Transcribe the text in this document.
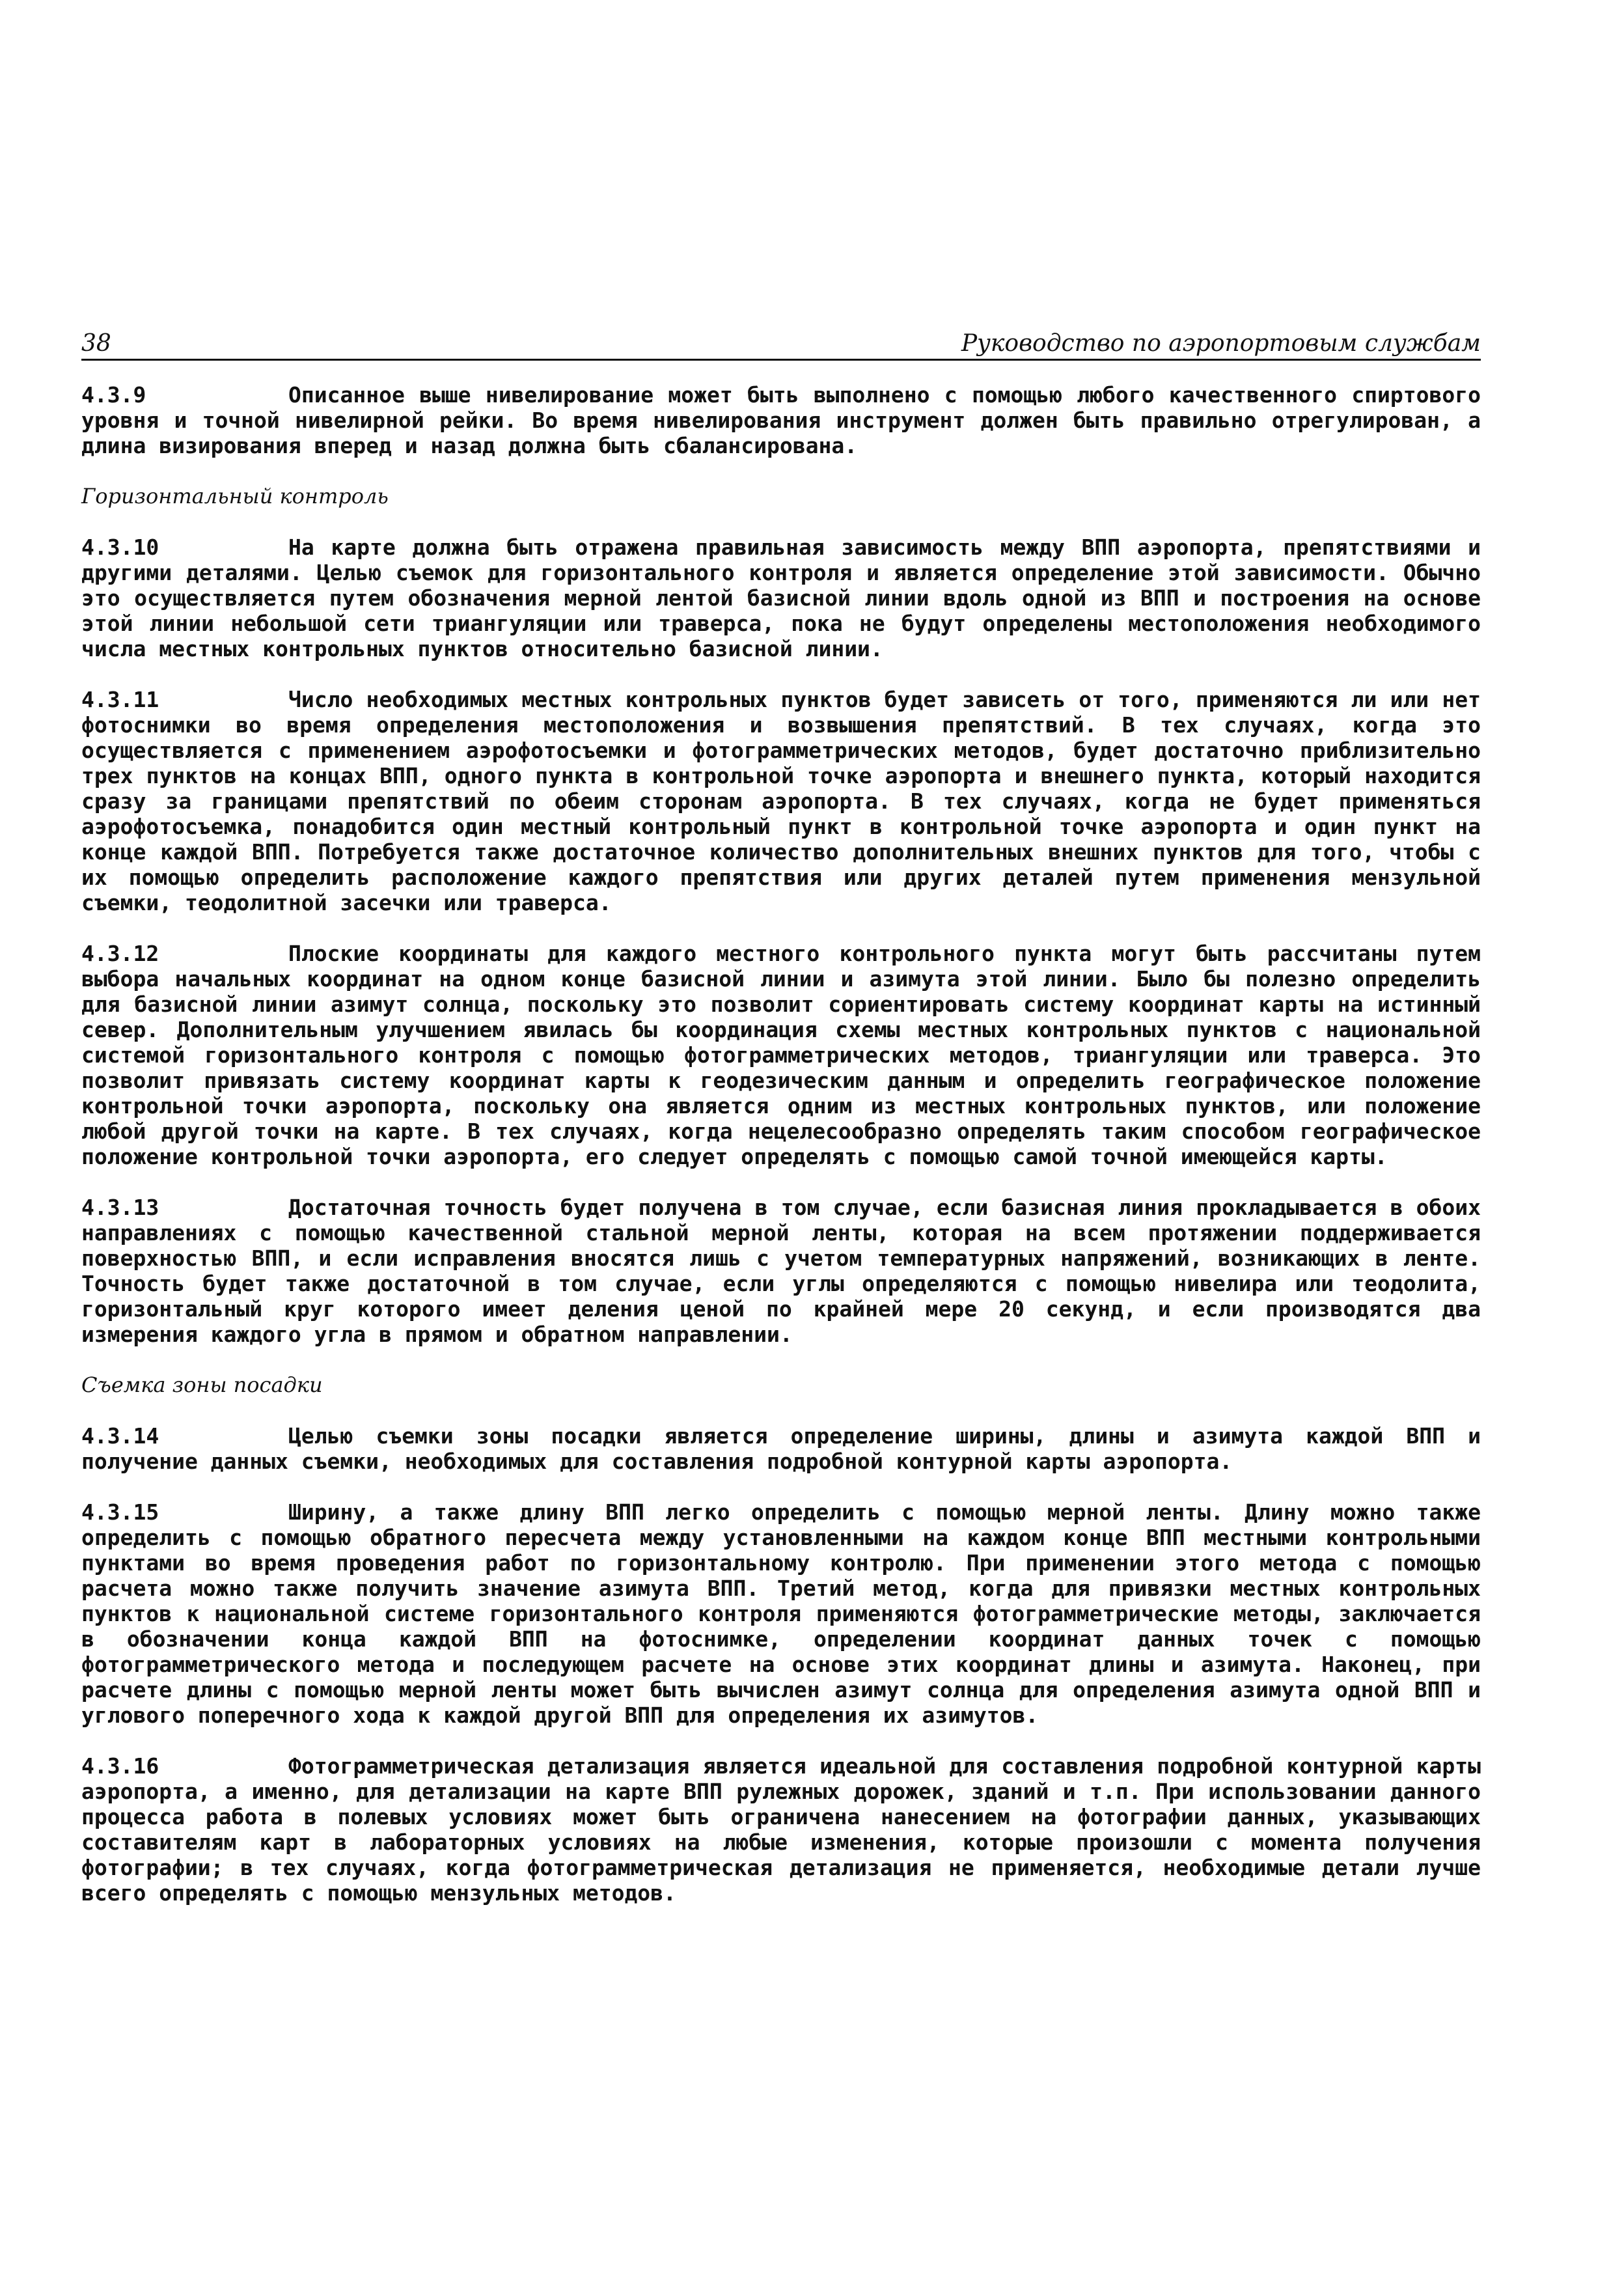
38	Руководство по аэропортовым службам

4.3.9	Описанное выше нивелирование может быть выполнено с помощью любого качественного спиртового уровня и точной нивелирной рейки. Во время нивелирования инструмент должен быть правильно отрегулирован, а длина визирования вперед и назад должна быть сбалансирована.

Горизонтальный контроль

4.3.10	На карте должна быть отражена правильная зависимость между ВПП аэропорта, препятствиями и другими деталями. Целью съемок для горизонтального контроля и является определение этой зависимости. Обычно это осуществляется путем обозначения мерной лентой базисной линии вдоль одной из ВПП и построения на основе этой линии небольшой сети триангуляции или траверса, пока не будут определены местоположения необходимого числа местных контрольных пунктов относительно базисной линии.

4.3.11	Число необходимых местных контрольных пунктов будет зависеть от того, применяются ли или нет фотоснимки во время определения местоположения и возвышения препятствий. В тех случаях, когда это осуществляется с применением аэрофотосъемки и фотограмметрических методов, будет достаточно приблизительно трех пунктов на концах ВПП, одного пункта в контрольной точке аэропорта и внешнего пункта, который находится сразу за границами препятствий по обеим сторонам аэропорта. В тех случаях, когда не будет применяться аэрофотосъемка, понадобится один местный контрольный пункт в контрольной точке аэропорта и один пункт на конце каждой ВПП. Потребуется также достаточное количество дополнительных внешних пунктов для того, чтобы с их помощью определить расположение каждого препятствия или других деталей путем применения мензульной съемки, теодолитной засечки или траверса.

4.3.12	Плоские координаты для каждого местного контрольного пункта могут быть рассчитаны путем выбора начальных координат на одном конце базисной линии и азимута этой линии. Было бы полезно определить для базисной линии азимут солнца, поскольку это позволит сориентировать систему координат карты на истинный север. Дополнительным улучшением явилась бы координация схемы местных контрольных пунктов с национальной системой горизонтального контроля с помощью фотограмметрических методов, триангуляции или траверса. Это позволит привязать систему координат карты к геодезическим данным и определить географическое положение контрольной точки аэропорта, поскольку она является одним из местных контрольных пунктов, или положение любой другой точки на карте. В тех случаях, когда нецелесообразно определять таким способом географическое положение контрольной точки аэропорта, его следует определять с помощью самой точной имеющейся карты.

4.3.13	Достаточная точность будет получена в том случае, если базисная линия прокладывается в обоих направлениях с помощью качественной стальной мерной ленты, которая на всем протяжении поддерживается поверхностью ВПП, и если исправления вносятся лишь с учетом температурных напряжений, возникающих в ленте. Точность будет также достаточной в том случае, если углы определяются с помощью нивелира или теодолита, горизонтальный круг которого имеет деления ценой по крайней мере 20 секунд, и если производятся два измерения каждого угла в прямом и обратном направлении.

Съемка зоны посадки

4.3.14	Целью съемки зоны посадки является определение ширины, длины и азимута каждой ВПП и получение данных съемки, необходимых для составления подробной контурной карты аэропорта.

4.3.15	Ширину, а также длину ВПП легко определить с помощью мерной ленты. Длину можно также определить с помощью обратного пересчета между установленными на каждом конце ВПП местными контрольными пунктами во время проведения работ по горизонтальному контролю. При применении этого метода с помощью расчета можно также получить значение азимута ВПП. Третий метод, когда для привязки местных контрольных пунктов к национальной системе горизонтального контроля применяются фотограмметрические методы, заключается в обозначении конца каждой ВПП на фотоснимке, определении координат данных точек с помощью фотограмметрического метода и последующем расчете на основе этих координат длины и азимута. Наконец, при расчете длины с помощью мерной ленты может быть вычислен азимут солнца для определения азимута одной ВПП и углового поперечного хода к каждой другой ВПП для определения их азимутов.

4.3.16	Фотограмметрическая детализация является идеальной для составления подробной контурной карты аэропорта, а именно, для детализации на карте ВПП рулежных дорожек, зданий и т.п. При использовании данного процесса работа в полевых условиях может быть ограничена нанесением на фотографии данных, указывающих составителям карт в лабораторных условиях на любые изменения, которые произошли с момента получения фотографии; в тех случаях, когда фотограмметрическая детализация не применяется, необходимые детали лучше всего определять с помощью мензульных методов.
